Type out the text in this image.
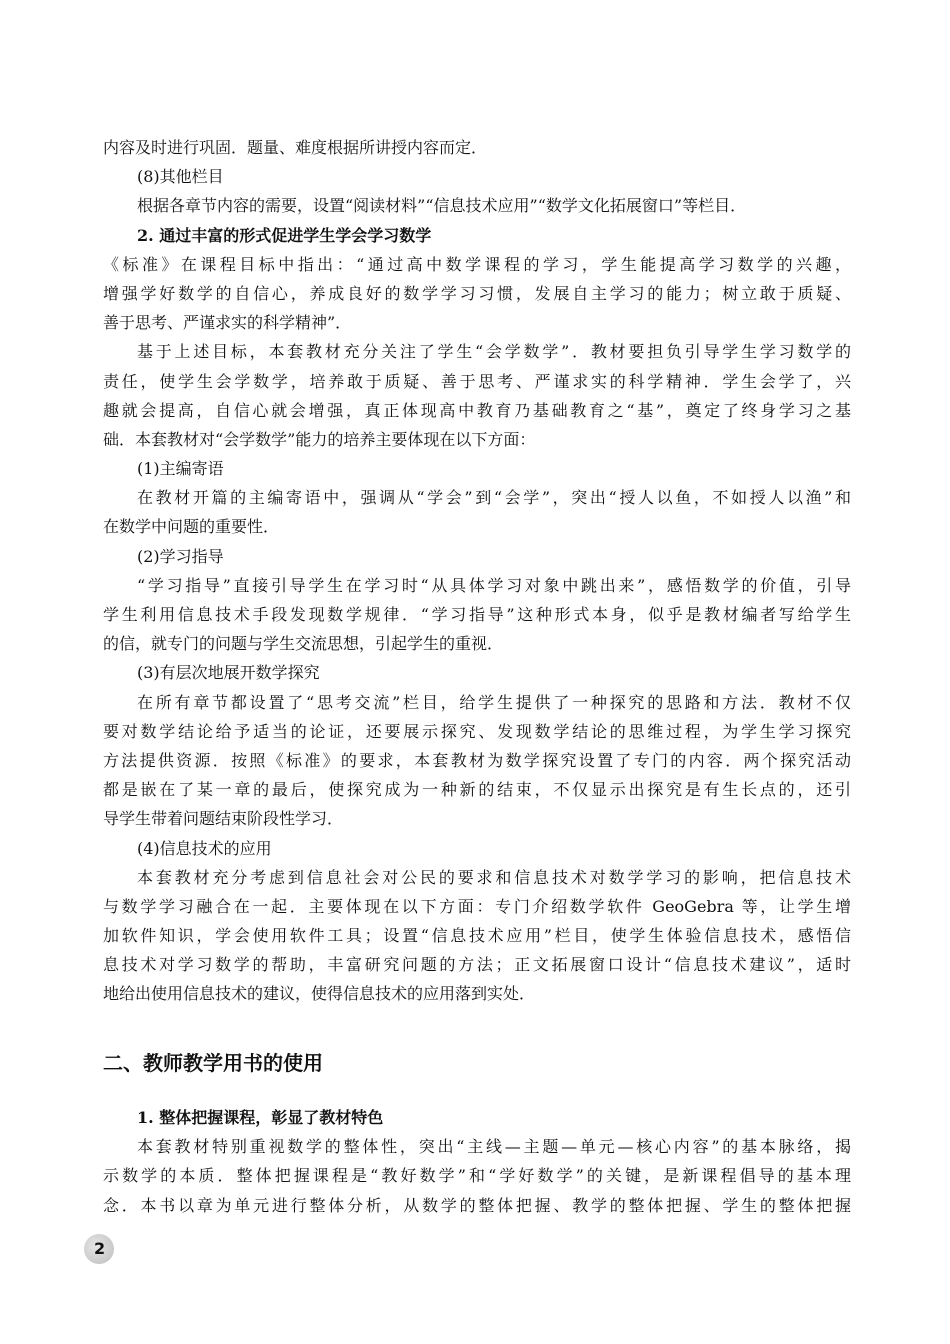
内容及时进行巩固．题量、难度根据所讲授内容而定．
(8)其他栏目
根据各章节内容的需要，设置“阅读材料”“信息技术应用”“数学文化拓展窗口”等栏目．
2. 通过丰富的形式促进学生学会学习数学
《标准》在课程目标中指出：“通过高中数学课程的学习，学生能提高学习数学的兴趣，
增强学好数学的自信心，养成良好的数学学习习惯，发展自主学习的能力；树立敢于质疑、
善于思考、严谨求实的科学精神”．
基于上述目标，本套教材充分关注了学生“会学数学”．教材要担负引导学生学习数学的
责任，使学生会学数学，培养敢于质疑、善于思考、严谨求实的科学精神．学生会学了，兴
趣就会提高，自信心就会增强，真正体现高中教育乃基础教育之“基”，奠定了终身学习之基
础．本套教材对“会学数学”能力的培养主要体现在以下方面：
(1)主编寄语
在教材开篇的主编寄语中，强调从“学会”到“会学”，突出“授人以鱼，不如授人以渔”和
在数学中问题的重要性．
(2)学习指导
“学习指导”直接引导学生在学习时“从具体学习对象中跳出来”，感悟数学的价值，引导
学生利用信息技术手段发现数学规律．“学习指导”这种形式本身，似乎是教材编者写给学生
的信，就专门的问题与学生交流思想，引起学生的重视．
(3)有层次地展开数学探究
在所有章节都设置了“思考交流”栏目，给学生提供了一种探究的思路和方法．教材不仅
要对数学结论给予适当的论证，还要展示探究、发现数学结论的思维过程，为学生学习探究
方法提供资源．按照《标准》的要求，本套教材为数学探究设置了专门的内容．两个探究活动
都是嵌在了某一章的最后，使探究成为一种新的结束，不仅显示出探究是有生长点的，还引
导学生带着问题结束阶段性学习．
(4)信息技术的应用
本套教材充分考虑到信息社会对公民的要求和信息技术对数学学习的影响，把信息技术
与数学学习融合在一起．主要体现在以下方面：专门介绍数学软件 GeoGebra 等，让学生增
加软件知识，学会使用软件工具；设置“信息技术应用”栏目，使学生体验信息技术，感悟信
息技术对学习数学的帮助，丰富研究问题的方法；正文拓展窗口设计“信息技术建议”，适时
地给出使用信息技术的建议，使得信息技术的应用落到实处．
二、教师教学用书的使用
1. 整体把握课程，彰显了教材特色
本套教材特别重视数学的整体性，突出“主线—主题—单元—核心内容”的基本脉络，揭
示数学的本质．整体把握课程是“教好数学”和“学好数学”的关键，是新课程倡导的基本理
念．本书以章为单元进行整体分析，从数学的整体把握、教学的整体把握、学生的整体把握
2
